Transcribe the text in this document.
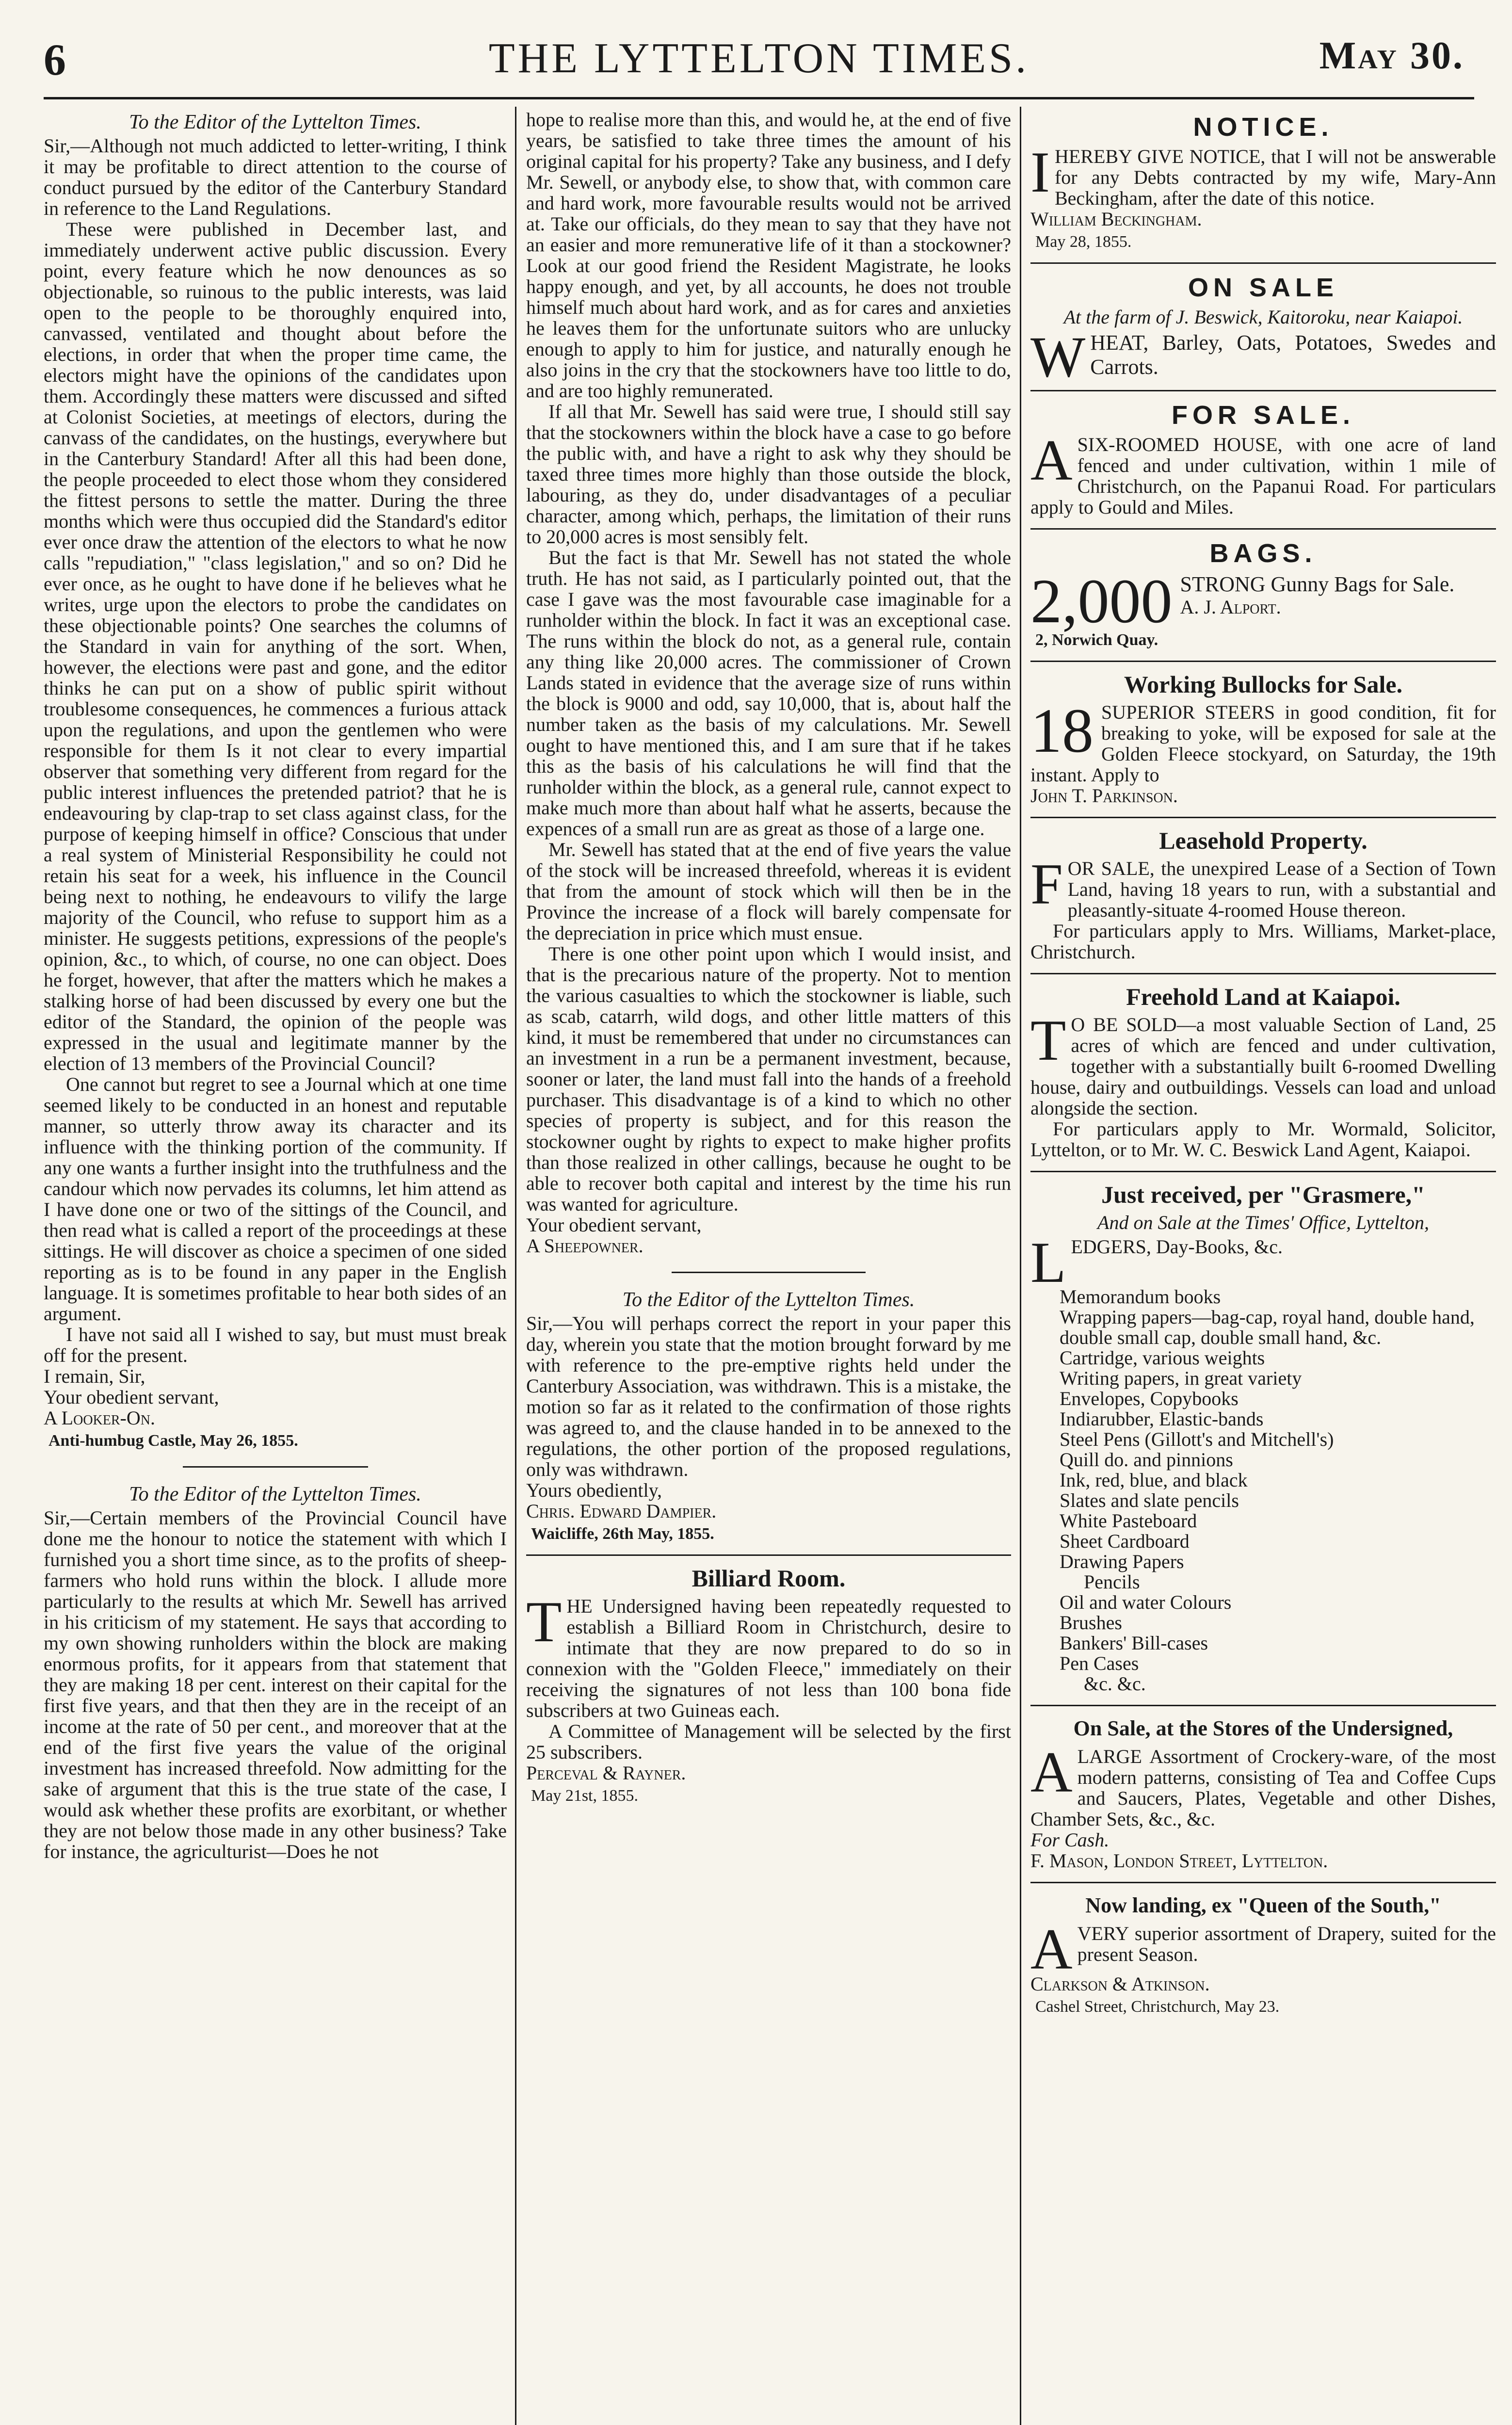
6	THE LYTTELTON TIMES.	May 30.
To the Editor of the Lyttelton Times.

Sir,—Although not much addicted to letter-writing, I think it may be profitable to direct attention to the course of conduct pursued by the editor of the Canterbury Standard in reference to the Land Regulations.

These were published in December last, and immediately underwent active public discussion. Every point, every feature which he now denounces as so objectionable, so ruinous to the public interests, was laid open to the people to be thoroughly enquired into, canvassed, ventilated and thought about before the elections, in order that when the proper time came, the electors might have the opinions of the candidates upon them. Accordingly these matters were discussed and sifted at Colonist Societies, at meetings of electors, during the canvass of the candidates, on the hustings, everywhere but in the Canterbury Standard! After all this had been done, the people proceeded to elect those whom they considered the fittest persons to settle the matter. During the three months which were thus occupied did the Standard's editor ever once draw the attention of the electors to what he now calls "repudiation," "class legislation," and so on? Did he ever once, as he ought to have done if he believes what he writes, urge upon the electors to probe the candidates on these objectionable points? One searches the columns of the Standard in vain for anything of the sort. When, however, the elections were past and gone, and the editor thinks he can put on a show of public spirit without troublesome consequences, he commences a furious attack upon the regulations, and upon the gentlemen who were responsible for them Is it not clear to every impartial observer that something very different from regard for the public interest influences the pretended patriot? that he is endeavouring by clap-trap to set class against class, for the purpose of keeping himself in office? Conscious that under a real system of Ministerial Responsibility he could not retain his seat for a week, his influence in the Council being next to nothing, he endeavours to vilify the large majority of the Council, who refuse to support him as a minister. He suggests petitions, expressions of the people's opinion, &c., to which, of course, no one can object. Does he forget, however, that after the matters which he makes a stalking horse of had been discussed by every one but the editor of the Standard, the opinion of the people was expressed in the usual and legitimate manner by the election of 13 members of the Provincial Council?

One cannot but regret to see a Journal which at one time seemed likely to be conducted in an honest and reputable manner, so utterly throw away its character and its influence with the thinking portion of the community. If any one wants a further insight into the truthfulness and the candour which now pervades its columns, let him attend as I have done one or two of the sittings of the Council, and then read what is called a report of the proceedings at these sittings. He will discover as choice a specimen of one sided reporting as is to be found in any paper in the English language. It is sometimes profitable to hear both sides of an argument.

I have not said all I wished to say, but must must break off for the present.

I remain, Sir,

Your obedient servant,

A Looker-On.

Anti-humbug Castle, May 26, 1855.
To the Editor of the Lyttelton Times.

Sir,—Certain members of the Provincial Council have done me the honour to notice the statement with which I furnished you a short time since, as to the profits of sheep-farmers who hold runs within the block. I allude more particularly to the results at which Mr. Sewell has arrived in his criticism of my statement. He says that according to my own showing runholders within the block are making enormous profits, for it appears from that statement that they are making 18 per cent. interest on their capital for the first five years, and that then they are in the receipt of an income at the rate of 50 per cent., and moreover that at the end of the first five years the value of the original investment has increased threefold. Now admitting for the sake of argument that this is the true state of the case, I would ask whether these profits are exorbitant, or whether they are not below those made in any other business? Take for instance, the agriculturist—Does he not

hope to realise more than this, and would he, at the end of five years, be satisfied to take three times the amount of his original capital for his property? Take any business, and I defy Mr. Sewell, or anybody else, to show that, with common care and hard work, more favourable results would not be arrived at. Take our officials, do they mean to say that they have not an easier and more remunerative life of it than a stockowner? Look at our good friend the Resident Magistrate, he looks happy enough, and yet, by all accounts, he does not trouble himself much about hard work, and as for cares and anxieties he leaves them for the unfortunate suitors who are unlucky enough to apply to him for justice, and naturally enough he also joins in the cry that the stockowners have too little to do, and are too highly remunerated.

If all that Mr. Sewell has said were true, I should still say that the stockowners within the block have a case to go before the public with, and have a right to ask why they should be taxed three times more highly than those outside the block, labouring, as they do, under disadvantages of a peculiar character, among which, perhaps, the limitation of their runs to 20,000 acres is most sensibly felt.

But the fact is that Mr. Sewell has not stated the whole truth. He has not said, as I particularly pointed out, that the case I gave was the most favourable case imaginable for a runholder within the block. In fact it was an exceptional case. The runs within the block do not, as a general rule, contain any thing like 20,000 acres. The commissioner of Crown Lands stated in evidence that the average size of runs within the block is 9000 and odd, say 10,000, that is, about half the number taken as the basis of my calculations. Mr. Sewell ought to have mentioned this, and I am sure that if he takes this as the basis of his calculations he will find that the runholder within the block, as a general rule, cannot expect to make much more than about half what he asserts, because the expences of a small run are as great as those of a large one.

Mr. Sewell has stated that at the end of five years the value of the stock will be increased threefold, whereas it is evident that from the amount of stock which will then be in the Province the increase of a flock will barely compensate for the depreciation in price which must ensue.

There is one other point upon which I would insist, and that is the precarious nature of the property. Not to mention the various casualties to which the stockowner is liable, such as scab, catarrh, wild dogs, and other little matters of this kind, it must be remembered that under no circumstances can an investment in a run be a permanent investment, because, sooner or later, the land must fall into the hands of a freehold purchaser. This disadvantage is of a kind to which no other species of property is subject, and for this reason the stockowner ought by rights to expect to make higher profits than those realized in other callings, because he ought to be able to recover both capital and interest by the time his run was wanted for agriculture.

Your obedient servant,

A Sheepowner.

To the Editor of the Lyttelton Times.

Sir,—You will perhaps correct the report in your paper this day, wherein you state that the motion brought forward by me with reference to the pre-emptive rights held under the Canterbury Association, was withdrawn. This is a mistake, the motion so far as it related to the confirmation of those rights was agreed to, and the clause handed in to be annexed to the regulations, the other portion of the proposed regulations, only was withdrawn.

Yours obediently,

Chris. Edward Dampier.

Waicliffe, 26th May, 1855.
Billiard Room.

THE Undersigned having been repeatedly requested to establish a Billiard Room in Christchurch, desire to intimate that they are now prepared to do so in connexion with the "Golden Fleece," immediately on their receiving the signatures of not less than 100 bona fide subscribers at two Guineas each.

A Committee of Management will be selected by the first 25 subscribers.

Perceval & Rayner.

May 21st, 1855.
NOTICE.

IHEREBY GIVE NOTICE, that I will not be answerable for any Debts contracted by my wife, Mary-Ann Beckingham, after the date of this notice.

William Beckingham.

May 28, 1855.
ON SALE
At the farm of J. Beswick, Kaitoroku, near Kaiapoi.

WHEAT, Barley, Oats, Potatoes, Swedes and Carrots.

FOR SALE.

ASIX-ROOMED HOUSE, with one acre of land fenced and under cultivation, within 1 mile of Christchurch, on the Papanui Road. For particulars apply to Gould and Miles.

BAGS.

2,000 STRONG Gunny Bags for Sale.

A. J. Alport.

2, Norwich Quay.
Working Bullocks for Sale.

18 SUPERIOR STEERS in good condition, fit for breaking to yoke, will be exposed for sale at the Golden Fleece stockyard, on Saturday, the 19th instant. Apply to

John T. Parkinson.

Leasehold Property.

FOR SALE, the unexpired Lease of a Section of Town Land, having 18 years to run, with a substantial and pleasantly-situate 4-roomed House thereon.

For particulars apply to Mrs. Williams, Market-place, Christchurch.

Freehold Land at Kaiapoi.

T O BE SOLD—a most valuable Section of Land, 25 acres of which are fenced and under cultivation, together with a substantially built 6-roomed Dwelling house, dairy and outbuildings. Vessels can load and unload alongside the section.

For particulars apply to Mr. Wormald, Solicitor, Lyttelton, or to Mr. W. C. Beswick Land Agent, Kaiapoi.

Just received, per "Grasmere,"
And on Sale at the Times' Office, Lyttelton,

LEDGERS, Day-Books, &c.

Memorandum books
Wrapping papers—bag-cap, royal hand, double hand, double small cap, double small hand, &c.
Cartridge, various weights
Writing papers, in great variety
Envelopes, Copybooks
Indiarubber, Elastic-bands
Steel Pens (Gillott's and Mitchell's)
Quill do. and pinnions
Ink, red, blue, and black
Slates and slate pencils
White Pasteboard
Sheet Cardboard
Drawing Papers
Pencils
Oil and water Colours
Brushes
Bankers' Bill-cases
Pen Cases
&c. &c.
On Sale, at the Stores of the Undersigned,

ALARGE Assortment of Crockery-ware, of the most modern patterns, consisting of Tea and Coffee Cups and Saucers, Plates, Vegetable and other Dishes, Chamber Sets, &c., &c.

For Cash.

F. Mason, London Street, Lyttelton.

Now landing, ex "Queen of the South,"

AVERY superior assortment of Drapery, suited for the present Season.

Clarkson & Atkinson.

Cashel Street, Christchurch, May 23.
